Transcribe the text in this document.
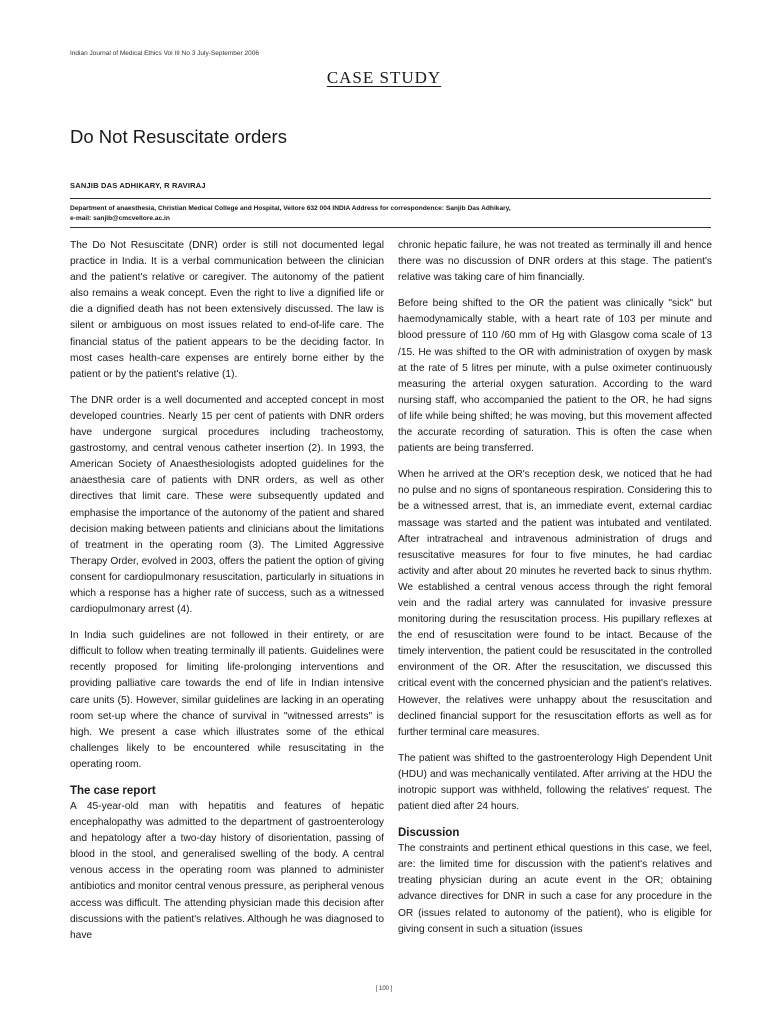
Indian Journal of Medical Ethics Vol III No 3 July-September 2006
CASE STUDY
Do Not Resuscitate orders
SANJIB DAS ADHIKARY, R RAVIRAJ
Department of anaesthesia, Christian Medical College and Hospital, Vellore 632 004 INDIA Address for correspondence: Sanjib Das Adhikary,
e-mail: sanjib@cmcvellore.ac.in

The Do Not Resuscitate (DNR) order is still not documented legal practice in India. It is a verbal communication between the clinician and the patient's relative or caregiver. The autonomy of the patient also remains a weak concept. Even the right to live a dignified life or die a dignified death has not been extensively discussed. The law is silent or ambiguous on most issues related to end-of-life care. The financial status of the patient appears to be the deciding factor. In most cases health-care expenses are entirely borne either by the patient or by the patient's relative (1).

The DNR order is a well documented and accepted concept in most developed countries. Nearly 15 per cent of patients with DNR orders have undergone surgical procedures including tracheostomy, gastrostomy, and central venous catheter insertion (2). In 1993, the American Society of Anaesthesiologists adopted guidelines for the anaesthesia care of patients with DNR orders, as well as other directives that limit care. These were subsequently updated and emphasise the importance of the autonomy of the patient and shared decision making between patients and clinicians about the limitations of treatment in the operating room (3). The Limited Aggressive Therapy Order, evolved in 2003, offers the patient the option of giving consent for cardiopulmonary resuscitation, particularly in situations in which a response has a higher rate of success, such as a witnessed cardiopulmonary arrest (4).

In India such guidelines are not followed in their entirety, or are difficult to follow when treating terminally ill patients. Guidelines were recently proposed for limiting life-prolonging interventions and providing palliative care towards the end of life in Indian intensive care units (5). However, similar guidelines are lacking in an operating room set-up where the chance of survival in "witnessed arrests" is high. We present a case which illustrates some of the ethical challenges likely to be encountered while resuscitating in the operating room.

The case report

A 45-year-old man with hepatitis and features of hepatic encephalopathy was admitted to the department of gastroenterology and hepatology after a two-day history of disorientation, passing of blood in the stool, and generalised swelling of the body. A central venous access in the operating room was planned to administer antibiotics and monitor central venous pressure, as peripheral venous access was difficult. The attending physician made this decision after discussions with the patient's relatives. Although he was diagnosed to have

chronic hepatic failure, he was not treated as terminally ill and hence there was no discussion of DNR orders at this stage. The patient's relative was taking care of him financially.

Before being shifted to the OR the patient was clinically "sick" but haemodynamically stable, with a heart rate of 103 per minute and blood pressure of 110 /60 mm of Hg with Glasgow coma scale of 13 /15. He was shifted to the OR with administration of oxygen by mask at the rate of 5 litres per minute, with a pulse oximeter continuously measuring the arterial oxygen saturation. According to the ward nursing staff, who accompanied the patient to the OR, he had signs of life while being shifted; he was moving, but this movement affected the accurate recording of saturation. This is often the case when patients are being transferred.

When he arrived at the OR's reception desk, we noticed that he had no pulse and no signs of spontaneous respiration. Considering this to be a witnessed arrest, that is, an immediate event, external cardiac massage was started and the patient was intubated and ventilated. After intratracheal and intravenous administration of drugs and resuscitative measures for four to five minutes, he had cardiac activity and after about 20 minutes he reverted back to sinus rhythm. We established a central venous access through the right femoral vein and the radial artery was cannulated for invasive pressure monitoring during the resuscitation process. His pupillary reflexes at the end of resuscitation were found to be intact. Because of the timely intervention, the patient could be resuscitated in the controlled environment of the OR. After the resuscitation, we discussed this critical event with the concerned physician and the patient's relatives. However, the relatives were unhappy about the resuscitation and declined financial support for the resuscitation efforts as well as for further terminal care measures.

The patient was shifted to the gastroenterology High Dependent Unit (HDU) and was mechanically ventilated. After arriving at the HDU the inotropic support was withheld, following the relatives' request. The patient died after 24 hours.

Discussion

The constraints and pertinent ethical questions in this case, we feel, are: the limited time for discussion with the patient's relatives and treating physician during an acute event in the OR; obtaining advance directives for DNR in such a case for any procedure in the OR (issues related to autonomy of the patient), who is eligible for giving consent in such a situation (issues

[ 100 ]
